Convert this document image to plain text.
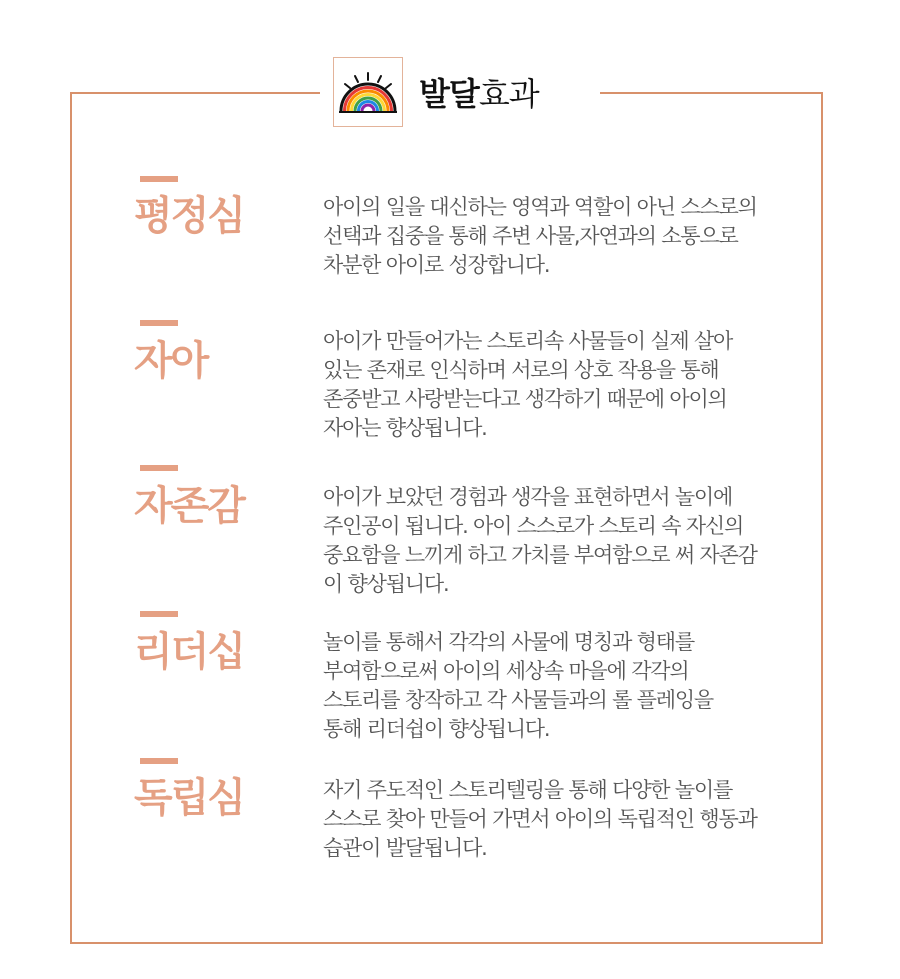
발달효과
평정심	아이의 일을 대신하는 영역과 역할이 아닌 스스로의
선택과 집중을 통해 주변 사물,자연과의 소통으로
차분한 아이로 성장합니다.
자아	아이가 만들어가는 스토리속 사물들이 실제 살아
있는 존재로 인식하며 서로의 상호 작용을 통해
존중받고 사랑받는다고 생각하기 때문에 아이의
자아는 향상됩니다.
자존감	아이가 보았던 경험과 생각을 표현하면서 놀이에
주인공이 됩니다. 아이 스스로가 스토리 속 자신의
중요함을 느끼게 하고 가치를 부여함으로 써 자존감
이 향상됩니다.
리더십	놀이를 통해서 각각의 사물에 명칭과 형태를
부여함으로써 아이의 세상속 마을에 각각의
스토리를 창작하고 각 사물들과의 롤 플레잉을
통해 리더쉽이 향상됩니다.
독립심	자기 주도적인 스토리텔링을 통해 다양한 놀이를
스스로 찾아 만들어 가면서 아이의 독립적인 행동과
습관이 발달됩니다.
